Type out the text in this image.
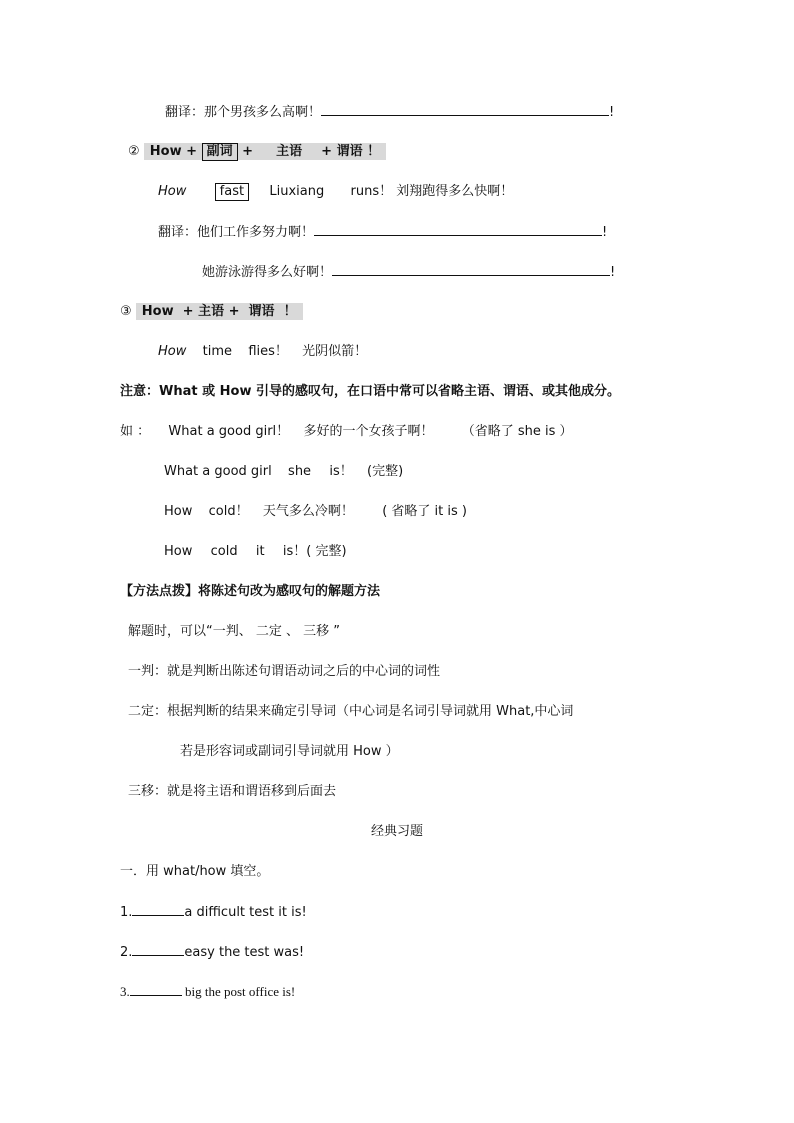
翻译：那个男孩多么高啊！	!
② How + 副词 + 主语 + 谓语 ！
How	fast Liuxiang runs！ 刘翔跑得多么快啊！
翻译：他们工作多努力啊！	!
她游泳游得多么好啊！	!
③ How  + 主语 +  谓语  ！
How time flies！ 光阴似箭！
注意：What 或 How 引导的感叹句，在口语中常可以省略主语、谓语、或其他成分。
如 ： What a good girl！ 多好的一个女孩子啊！ （省略了 she is ）
What a good girl she is！ (完整)
How cold！ 天气多么冷啊！ ( 省略了 it is )
How cold it is！( 完整)
【方法点拨】将陈述句改为感叹句的解题方法
解题时，可以“一判、 二定 、 三移 ”
一判：就是判断出陈述句谓语动词之后的中心词的词性
二定：根据判断的结果来确定引导词（中心词是名词引导词就用 What,中心词
若是形容词或副词引导词就用 How ）
三移：就是将主语和谓语移到后面去
经典习题
一．用 what/how 填空。
1.	a difficult test it is!
2.	easy the test was!
3.	big the post office is!
